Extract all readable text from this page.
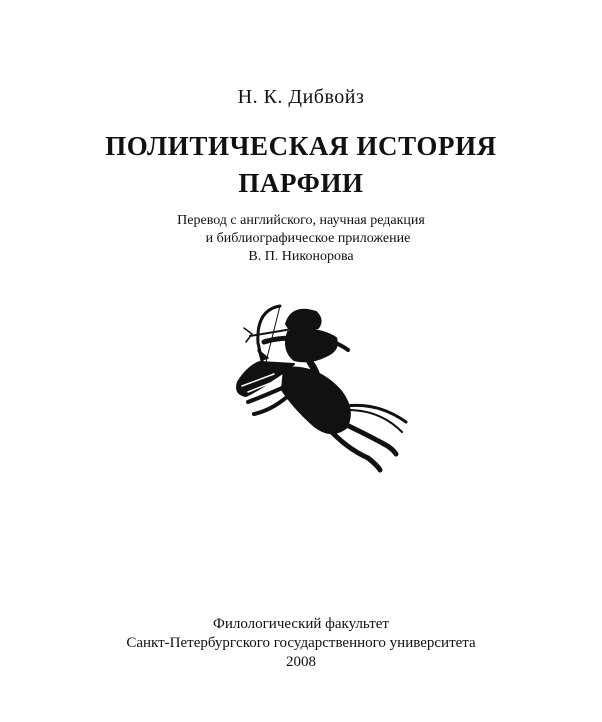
Н. К. Дибвойз
ПОЛИТИЧЕСКАЯ ИСТОРИЯ
ПАРФИИ
Перевод с английского, научная редакция
и библиографическое приложение
В. П. Никонорова
Филологический факультет
Санкт-Петербургского государственного университета
2008
